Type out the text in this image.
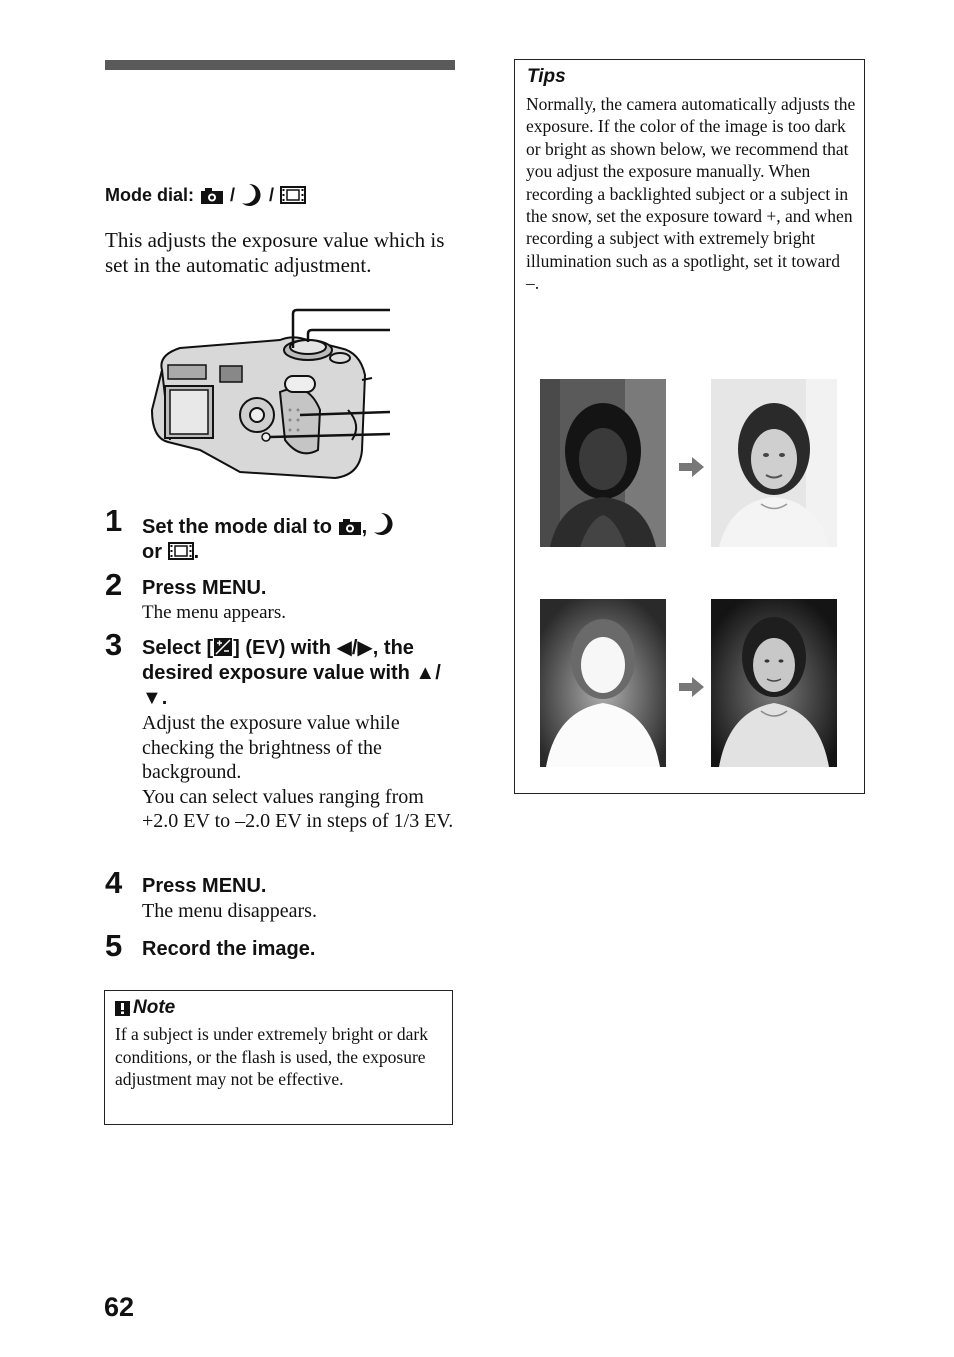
Mode dial: / /
This adjusts the exposure value which is set in the automatic adjustment.
1 Set the mode dial to ,
or .
2 Press MENU.
The menu appears.
3 Select [ ] (EV) with ◀/▶, the desired exposure value with ▲/▼.
Adjust the exposure value while checking the brightness of the background.
You can select values ranging from +2.0 EV to –2.0 EV in steps of 1/3 EV.
4 Press MENU.
The menu disappears.
5 Record the image.
Note
If a subject is under extremely bright or dark conditions, or the flash is used, the exposure adjustment may not be effective.
Tips
Normally, the camera automatically adjusts the exposure. If the color of the image is too dark or bright as shown below, we recommend that you adjust the exposure manually. When recording a backlighted subject or a subject in the snow, set the exposure toward +, and when recording a subject with extremely bright illumination such as a spotlight, set it toward –.
62
